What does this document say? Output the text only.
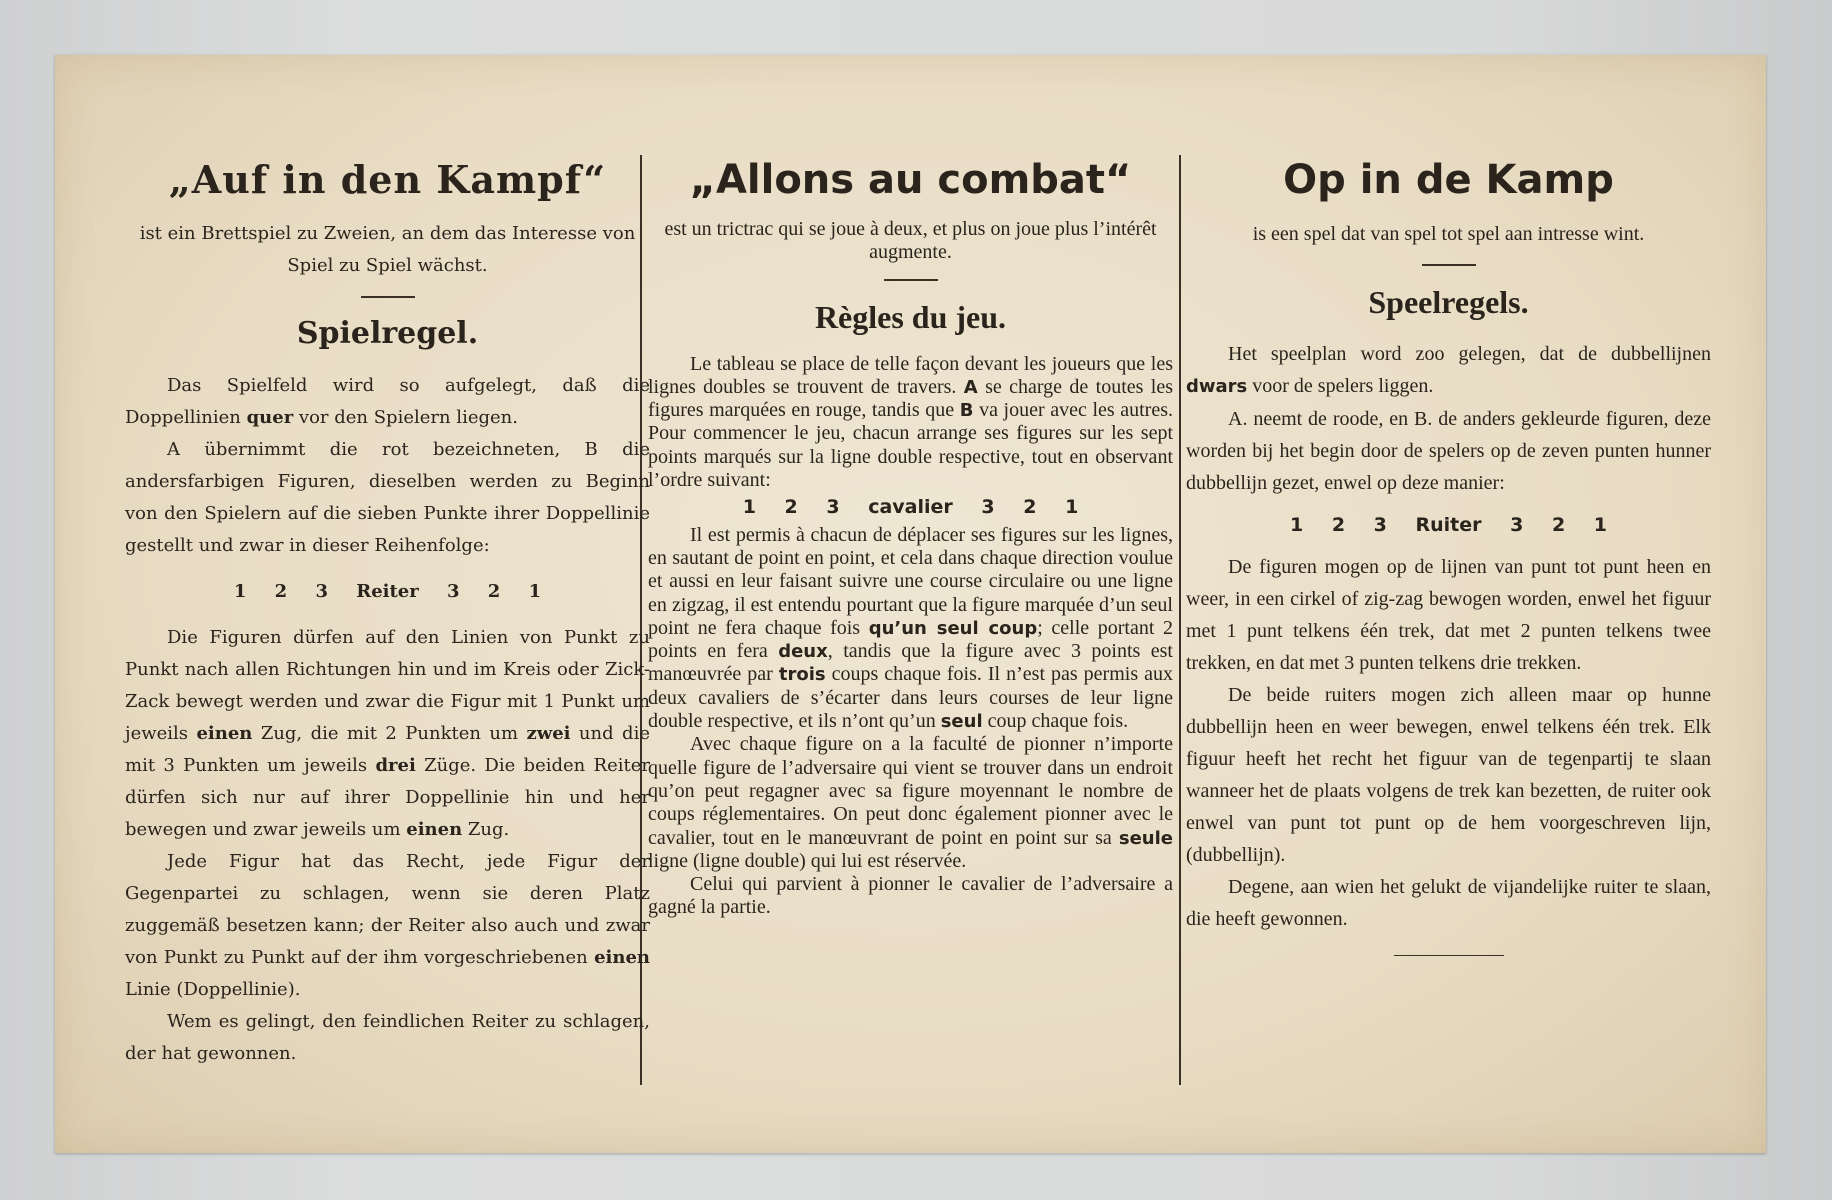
„Auf in den Kampf“
ist ein Brettspiel zu Zweien, an dem das Interesse von Spiel zu Spiel wächst.
Spielregel.

Das Spielfeld wird so aufgelegt, daß die Doppellinien quer vor den Spielern liegen.

A übernimmt die rot bezeichneten, B die andersfarbigen Figuren, dieselben werden zu Beginn von den Spielern auf die sieben Punkte ihrer Doppellinie gestellt und zwar in dieser Reihenfolge:

1 2 3 Reiter 3 2 1

Die Figuren dürfen auf den Linien von Punkt zu Punkt nach allen Richtungen hin und im Kreis oder Zick-Zack bewegt werden und zwar die Figur mit 1 Punkt um jeweils einen Zug, die mit 2 Punkten um zwei und die mit 3 Punkten um jeweils drei Züge. Die beiden Reiter dürfen sich nur auf ihrer Doppellinie hin und her bewegen und zwar jeweils um einen Zug.

Jede Figur hat das Recht, jede Figur der Gegenpartei zu schlagen, wenn sie deren Platz zuggemäß besetzen kann; der Reiter also auch und zwar von Punkt zu Punkt auf der ihm vorgeschriebenen einen Linie (Doppellinie).

Wem es gelingt, den feindlichen Reiter zu schlagen, der hat gewonnen.

„Allons au combat“
est un trictrac qui se joue à deux, et plus on joue plus l’intérêt augmente.
Règles du jeu.

Le tableau se place de telle façon devant les joueurs que les lignes doubles se trouvent de travers. A se charge de toutes les figures marquées en rouge, tandis que B va jouer avec les autres. Pour commencer le jeu, chacun arrange ses figures sur les sept points marqués sur la ligne double respective, tout en observant l’ordre suivant:

1 2 3 cavalier 3 2 1

Il est permis à chacun de déplacer ses figures sur les lignes, en sautant de point en point, et cela dans chaque direction voulue et aussi en leur faisant suivre une course circulaire ou une ligne en zigzag, il est entendu pourtant que la figure marquée d’un seul point ne fera chaque fois qu’un seul coup; celle portant 2 points en fera deux, tandis que la figure avec 3 points est manœuvrée par trois coups chaque fois. Il n’est pas permis aux deux cavaliers de s’écarter dans leurs courses de leur ligne double respective, et ils n’ont qu’un seul coup chaque fois.

Avec chaque figure on a la faculté de pionner n’importe quelle figure de l’adversaire qui vient se trouver dans un endroit qu’on peut regagner avec sa figure moyennant le nombre de coups réglementaires. On peut donc également pionner avec le cavalier, tout en le manœuvrant de point en point sur sa seule ligne (ligne double) qui lui est réservée.

Celui qui parvient à pionner le cavalier de l’adversaire a gagné la partie.

Op in de Kamp
is een spel dat van spel tot spel aan intresse wint.
Speelregels.

Het speelplan word zoo gelegen, dat de dubbellijnen dwars voor de spelers liggen.

A. neemt de roode, en B. de anders gekleurde figuren, deze worden bij het begin door de spelers op de zeven punten hunner dubbellijn gezet, enwel op deze manier:

1 2 3 Ruiter 3 2 1

De figuren mogen op de lijnen van punt tot punt heen en weer, in een cirkel of zig-zag bewogen worden, enwel het figuur met 1 punt telkens één trek, dat met 2 punten telkens twee trekken, en dat met 3 punten telkens drie trekken.

De beide ruiters mogen zich alleen maar op hunne dubbellijn heen en weer bewegen, enwel telkens één trek. Elk figuur heeft het recht het figuur van de tegenpartij te slaan wanneer het de plaats volgens de trek kan bezetten, de ruiter ook enwel van punt tot punt op de hem voorgeschreven lijn, (dubbellijn).

Degene, aan wien het gelukt de vijandelijke ruiter te slaan, die heeft gewonnen.
